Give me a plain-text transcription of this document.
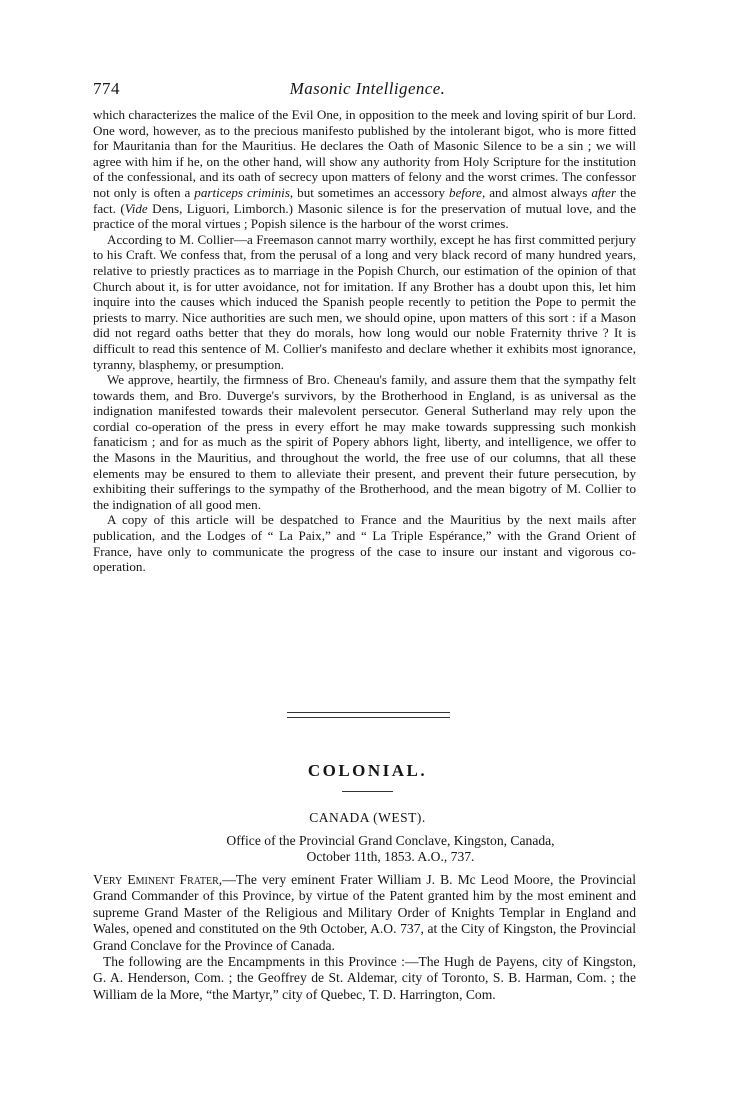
774	Masonic Intelligence.

which characterizes the malice of the Evil One, in opposition to the meek and loving spirit of bur Lord. One word, however, as to the precious manifesto published by the intolerant bigot, who is more fitted for Mauritania than for the Mauritius. He declares the Oath of Masonic Silence to be a sin ; we will agree with him if he, on the other hand, will show any authority from Holy Scripture for the institution of the confessional, and its oath of secrecy upon matters of felony and the worst crimes. The confessor not only is often a particeps criminis, but sometimes an accessory before, and almost always after the fact. (Vide Dens, Liguori, Limborch.) Masonic silence is for the preservation of mutual love, and the practice of the moral virtues ; Popish silence is the harbour of the worst crimes.

According to M. Collier—a Freemason cannot marry worthily, except he has first committed perjury to his Craft. We confess that, from the perusal of a long and very black record of many hundred years, relative to priestly practices as to marriage in the Popish Church, our estimation of the opinion of that Church about it, is for utter avoidance, not for imitation. If any Brother has a doubt upon this, let him inquire into the causes which induced the Spanish people recently to petition the Pope to permit the priests to marry. Nice authorities are such men, we should opine, upon matters of this sort : if a Mason did not regard oaths better that they do morals, how long would our noble Fraternity thrive ? It is difficult to read this sentence of M. Collier's manifesto and declare whether it exhibits most ignorance, tyranny, blasphemy, or presumption.

We approve, heartily, the firmness of Bro. Cheneau's family, and assure them that the sympathy felt towards them, and Bro. Duverge's survivors, by the Brotherhood in England, is as universal as the indignation manifested towards their malevolent persecutor. General Sutherland may rely upon the cordial co-operation of the press in every effort he may make towards suppressing such monkish fanaticism ; and for as much as the spirit of Popery abhors light, liberty, and intelligence, we offer to the Masons in the Mauritius, and throughout the world, the free use of our columns, that all these elements may be ensured to them to alleviate their present, and prevent their future persecution, by exhibiting their sufferings to the sympathy of the Brotherhood, and the mean bigotry of M. Collier to the indignation of all good men.

A copy of this article will be despatched to France and the Mauritius by the next mails after publication, and the Lodges of “ La Paix,” and “ La Triple Espérance,” with the Grand Orient of France, have only to communicate the progress of the case to insure our instant and vigorous co-operation.

COLONIAL.
CANADA (WEST).
Office of the Provincial Grand Conclave, Kingston, Canada,
October 11th, 1853. A.O., 737.

Very Eminent Frater,—The very eminent Frater William J. B. Mc Leod Moore, the Provincial Grand Commander of this Province, by virtue of the Patent granted him by the most eminent and supreme Grand Master of the Religious and Military Order of Knights Templar in England and Wales, opened and constituted on the 9th October, A.O. 737, at the City of Kingston, the Provincial Grand Conclave for the Province of Canada.

The following are the Encampments in this Province :—The Hugh de Payens, city of Kingston, G. A. Henderson, Com. ; the Geoffrey de St. Aldemar, city of Toronto, S. B. Harman, Com. ; the William de la More, “the Martyr,” city of Quebec, T. D. Harrington, Com.
